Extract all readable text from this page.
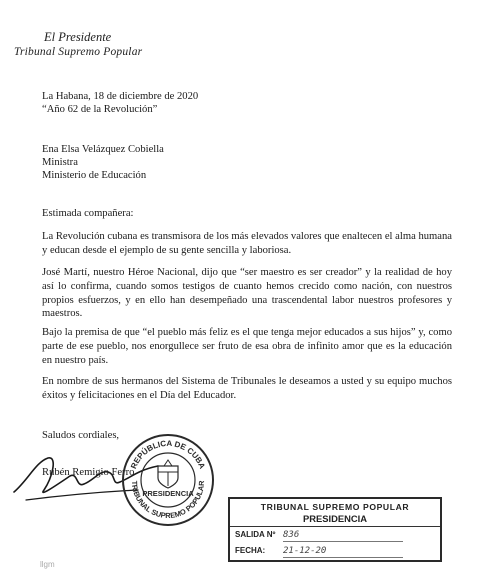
El Presidente
Tribunal Supremo Popular
La Habana, 18 de diciembre de 2020
“Año 62 de la Revolución”
Ena Elsa Velázquez Cobiella
Ministra
Ministerio de Educación
Estimada compañera:
La Revolución cubana es transmisora de los más elevados valores que enaltecen el alma humana y educan desde el ejemplo de su gente sencilla y laboriosa.
José Martí, nuestro Héroe Nacional, dijo que “ser maestro es ser creador” y la realidad de hoy así lo confirma, cuando somos testigos de cuanto hemos crecido como nación, con nuestros propios esfuerzos, y en ello han desempeñado una trascendental labor nuestros profesores y maestros.
Bajo la premisa de que “el pueblo más feliz es el que tenga mejor educados a sus hijos” y, como parte de ese pueblo, nos enorgullece ser fruto de esa obra de infinito amor que es la educación en nuestro país.
En nombre de sus hermanos del Sistema de Tribunales le deseamos a usted y su equipo muchos éxitos y felicitaciones en el Día del Educador.
Saludos cordiales,
Rubén Remigio Ferro
REPÚBLICA DE CUBA
TRIBUNAL SUPREMO POPULAR
PRESIDENCIA
TRIBUNAL SUPREMO POPULAR
PRESIDENCIA
SALIDA Nº 836
FECHA:	21-12-20
llgm
